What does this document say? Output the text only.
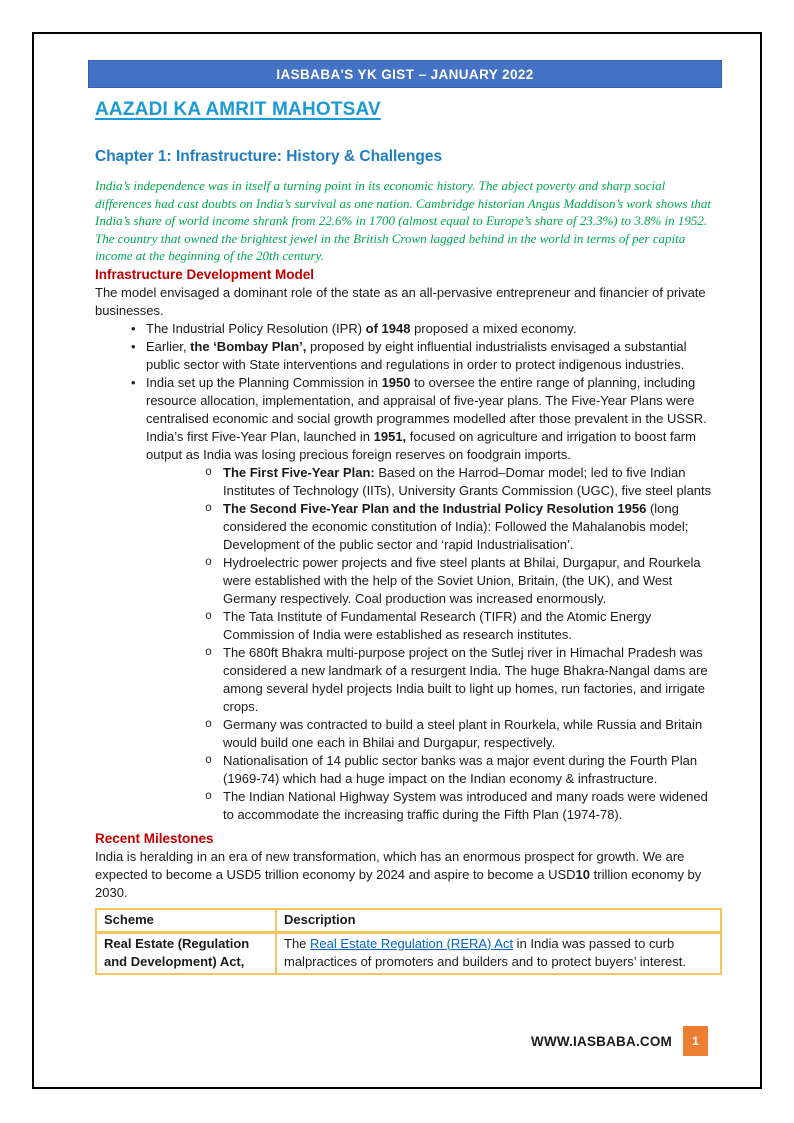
IASBABA'S YK GIST – JANUARY 2022
AAZADI KA AMRIT MAHOTSAV
Chapter 1: Infrastructure: History & Challenges

India’s independence was in itself a turning point in its economic history. The abject poverty and sharp social differences had cast doubts on India’s survival as one nation. Cambridge historian Angus Maddison’s work shows that India’s share of world income shrank from 22.6% in 1700 (almost equal to Europe’s share of 23.3%) to 3.8% in 1952. The country that owned the brightest jewel in the British Crown lagged behind in the world in terms of per capita income at the beginning of the 20th century.

Infrastructure Development Model

The model envisaged a dominant role of the state as an all-pervasive entrepreneur and financier of private businesses.

• The Industrial Policy Resolution (IPR) of 1948 proposed a mixed economy.
• Earlier, the ‘Bombay Plan’, proposed by eight influential industrialists envisaged a substantial public sector with State interventions and regulations in order to protect indigenous industries.
• India set up the Planning Commission in 1950 to oversee the entire range of planning, including resource allocation, implementation, and appraisal of five-year plans. The Five-Year Plans were centralised economic and social growth programmes modelled after those prevalent in the USSR. India’s first Five-Year Plan, launched in 1951, focused on agriculture and irrigation to boost farm output as India was losing precious foreign reserves on foodgrain imports.
o The First Five-Year Plan: Based on the Harrod–Domar model; led to five Indian Institutes of Technology (IITs), University Grants Commission (UGC), five steel plants
o The Second Five-Year Plan and the Industrial Policy Resolution 1956 (long considered the economic constitution of India): Followed the Mahalanobis model; Development of the public sector and ‘rapid Industrialisation’.
o Hydroelectric power projects and five steel plants at Bhilai, Durgapur, and Rourkela were established with the help of the Soviet Union, Britain, (the UK), and West Germany respectively. Coal production was increased enormously.
o The Tata Institute of Fundamental Research (TIFR) and the Atomic Energy Commission of India were established as research institutes.
o The 680ft Bhakra multi-purpose project on the Sutlej river in Himachal Pradesh was considered a new landmark of a resurgent India. The huge Bhakra-Nangal dams are among several hydel projects India built to light up homes, run factories, and irrigate crops.
o Germany was contracted to build a steel plant in Rourkela, while Russia and Britain would build one each in Bhilai and Durgapur, respectively.
o Nationalisation of 14 public sector banks was a major event during the Fourth Plan (1969-74) which had a huge impact on the Indian economy & infrastructure.
o The Indian National Highway System was introduced and many roads were widened to accommodate the increasing traffic during the Fifth Plan (1974-78).
Recent Milestones

India is heralding in an era of new transformation, which has an enormous prospect for growth. We are expected to become a USD5 trillion economy by 2024 and aspire to become a USD10 trillion economy by 2030.

Scheme	Description
Real Estate (Regulation and Development) Act,	The Real Estate Regulation (RERA) Act in India was passed to curb malpractices of promoters and builders and to protect buyers’ interest.
WWW.IASBABA.COM 1
